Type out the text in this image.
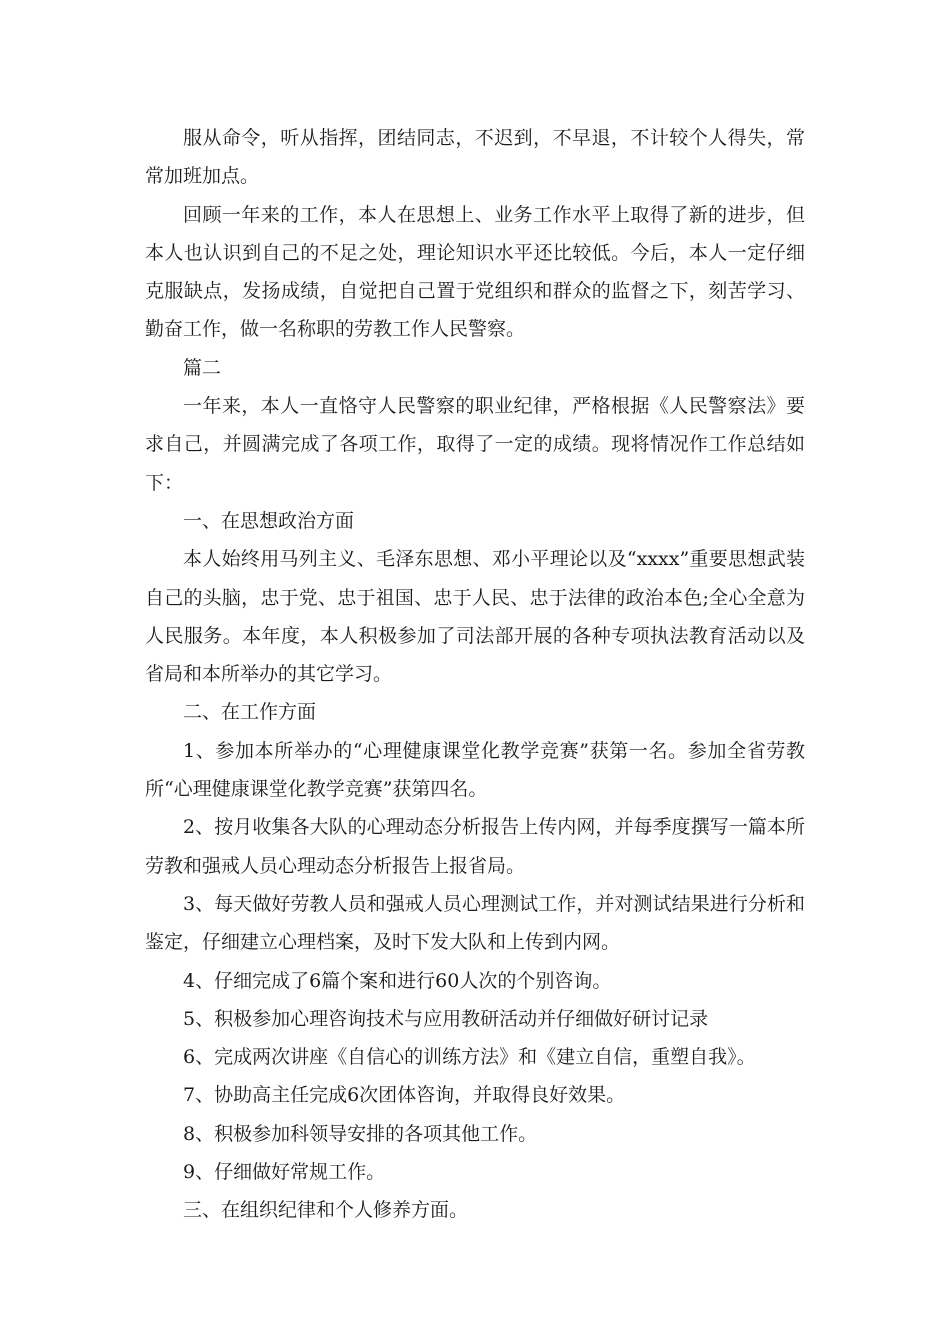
服从命令，听从指挥，团结同志，不迟到，不早退，不计较个人得失，常常加班加点。

回顾一年来的工作，本人在思想上、业务工作水平上取得了新的进步，但本人也认识到自己的不足之处，理论知识水平还比较低。今后，本人一定仔细克服缺点，发扬成绩，自觉把自己置于党组织和群众的监督之下，刻苦学习、勤奋工作，做一名称职的劳教工作人民警察。

篇二

一年来，本人一直恪守人民警察的职业纪律，严格根据《人民警察法》要求自己，并圆满完成了各项工作，取得了一定的成绩。现将情况作工作总结如下：

一、在思想政治方面

本人始终用马列主义、毛泽东思想、邓小平理论以及“xxxx”重要思想武装自己的头脑，忠于党、忠于祖国、忠于人民、忠于法律的政治本色;全心全意为人民服务。本年度，本人积极参加了司法部开展的各种专项执法教育活动以及省局和本所举办的其它学习。

二、在工作方面

1、参加本所举办的“心理健康课堂化教学竞赛”获第一名。参加全省劳教所“心理健康课堂化教学竞赛”获第四名。

2、按月收集各大队的心理动态分析报告上传内网，并每季度撰写一篇本所劳教和强戒人员心理动态分析报告上报省局。

3、每天做好劳教人员和强戒人员心理测试工作，并对测试结果进行分析和鉴定，仔细建立心理档案，及时下发大队和上传到内网。

4、仔细完成了6篇个案和进行60人次的个别咨询。

5、积极参加心理咨询技术与应用教研活动并仔细做好研讨记录

6、完成两次讲座《自信心的训练方法》和《建立自信，重塑自我》。

7、协助高主任完成6次团体咨询，并取得良好效果。

8、积极参加科领导安排的各项其他工作。

9、仔细做好常规工作。

三、在组织纪律和个人修养方面。
